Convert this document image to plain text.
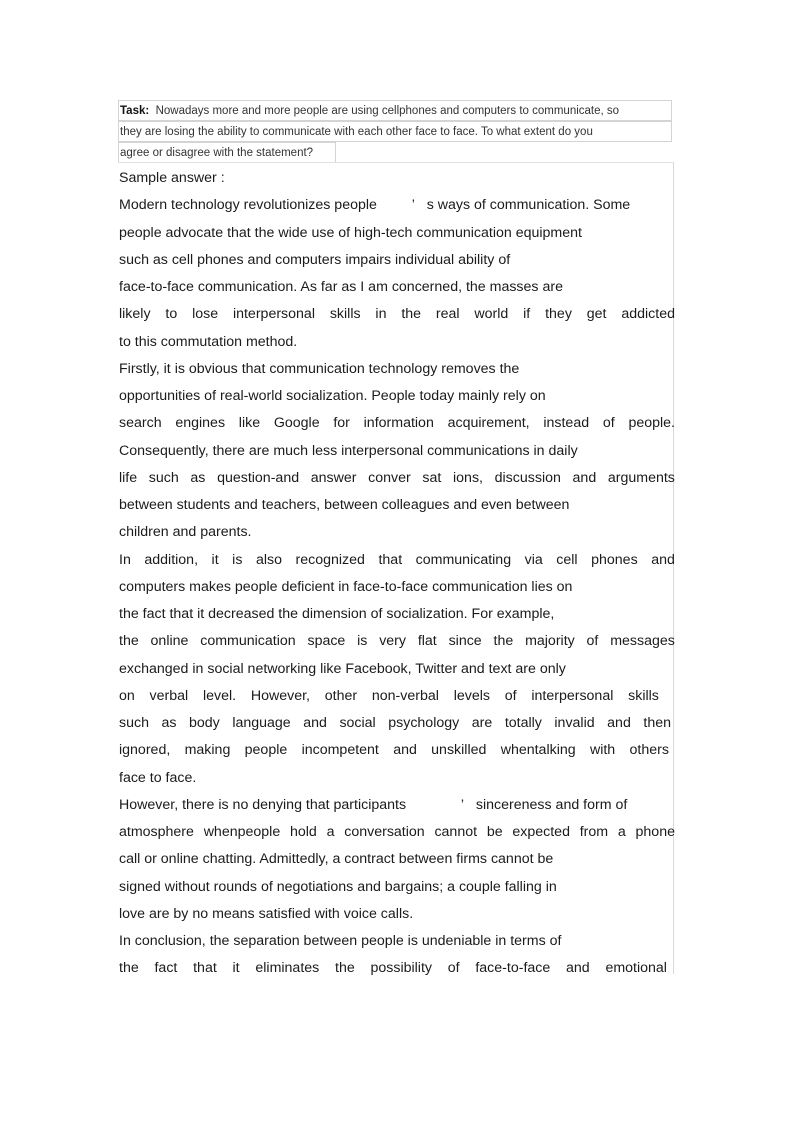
Task: Nowadays more and more people are using cellphones and computers to communicate, so
they are losing the ability to communicate with each other face to face. To what extent do you
agree or disagree with the statement?
Sample answer :
Modern technology revolutionizes people ’ s ways of communication. Some
people advocate that the wide use of high-tech communication equipment
such as cell phones and computers impairs individual ability of
face-to-face communication. As far as I am concerned, the masses are
likely to lose interpersonal skills in the real world if they get addicted
to this commutation method.
Firstly, it is obvious that communication technology removes the
opportunities of real-world socialization. People today mainly rely on
search engines like Google for information acquirement, instead of people.
Consequently, there are much less interpersonal communications in daily
life such as question-and answer conver sat ions, discussion and arguments
between students and teachers, between colleagues and even between
children and parents.
In addition, it is also recognized that communicating via cell phones and
computers makes people deficient in face-to-face communication lies on
the fact that it decreased the dimension of socialization. For example,
the online communication space is very flat since the majority of messages
exchanged in social networking like Facebook, Twitter and text are only
on verbal level. However, other non-verbal levels of interpersonal skills
such as body language and social psychology are totally invalid and then
ignored, making people incompetent and unskilled whentalking with others
face to face.
However, there is no denying that participants	’ sincereness and form of
atmosphere whenpeople hold a conversation cannot be expected from a phone
call or online chatting. Admittedly, a contract between firms cannot be
signed without rounds of negotiations and bargains; a couple falling in
love are by no means satisfied with voice calls.
In conclusion, the separation between people is undeniable in terms of
the fact that it eliminates the possibility of face-to-face and emotional
